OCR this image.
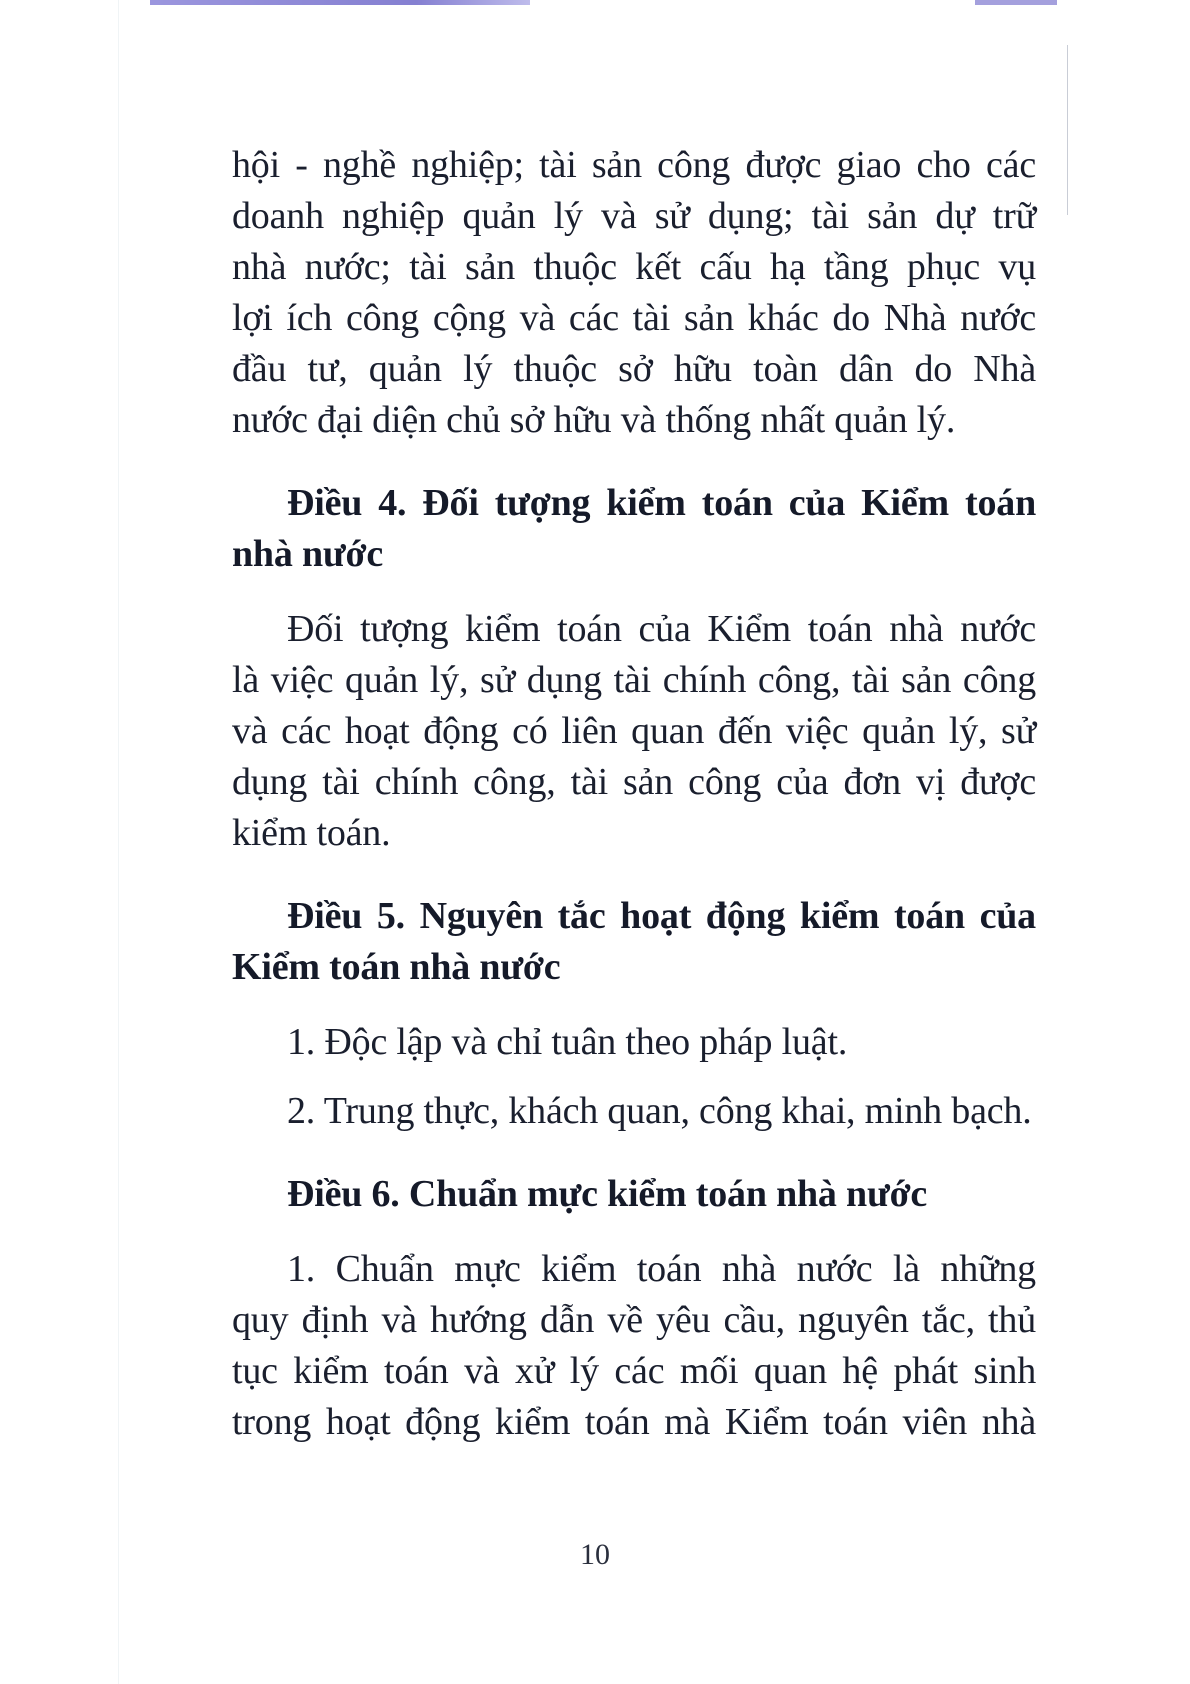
hội - nghề nghiệp; tài sản công được giao cho các
doanh nghiệp quản lý và sử dụng; tài sản dự trữ
nhà nước; tài sản thuộc kết cấu hạ tầng phục vụ
lợi ích công cộng và các tài sản khác do Nhà nước
đầu tư, quản lý thuộc sở hữu toàn dân do Nhà
nước đại diện chủ sở hữu và thống nhất quản lý.
Điều 4. Đối tượng kiểm toán của Kiểm toán
nhà nước
Đối tượng kiểm toán của Kiểm toán nhà nước
là việc quản lý, sử dụng tài chính công, tài sản công
và các hoạt động có liên quan đến việc quản lý, sử
dụng tài chính công, tài sản công của đơn vị được
kiểm toán.
Điều 5. Nguyên tắc hoạt động kiểm toán của
Kiểm toán nhà nước
1. Độc lập và chỉ tuân theo pháp luật.
2. Trung thực, khách quan, công khai, minh bạch.
Điều 6. Chuẩn mực kiểm toán nhà nước
1. Chuẩn mực kiểm toán nhà nước là những
quy định và hướng dẫn về yêu cầu, nguyên tắc, thủ
tục kiểm toán và xử lý các mối quan hệ phát sinh
trong hoạt động kiểm toán mà Kiểm toán viên nhà
10
